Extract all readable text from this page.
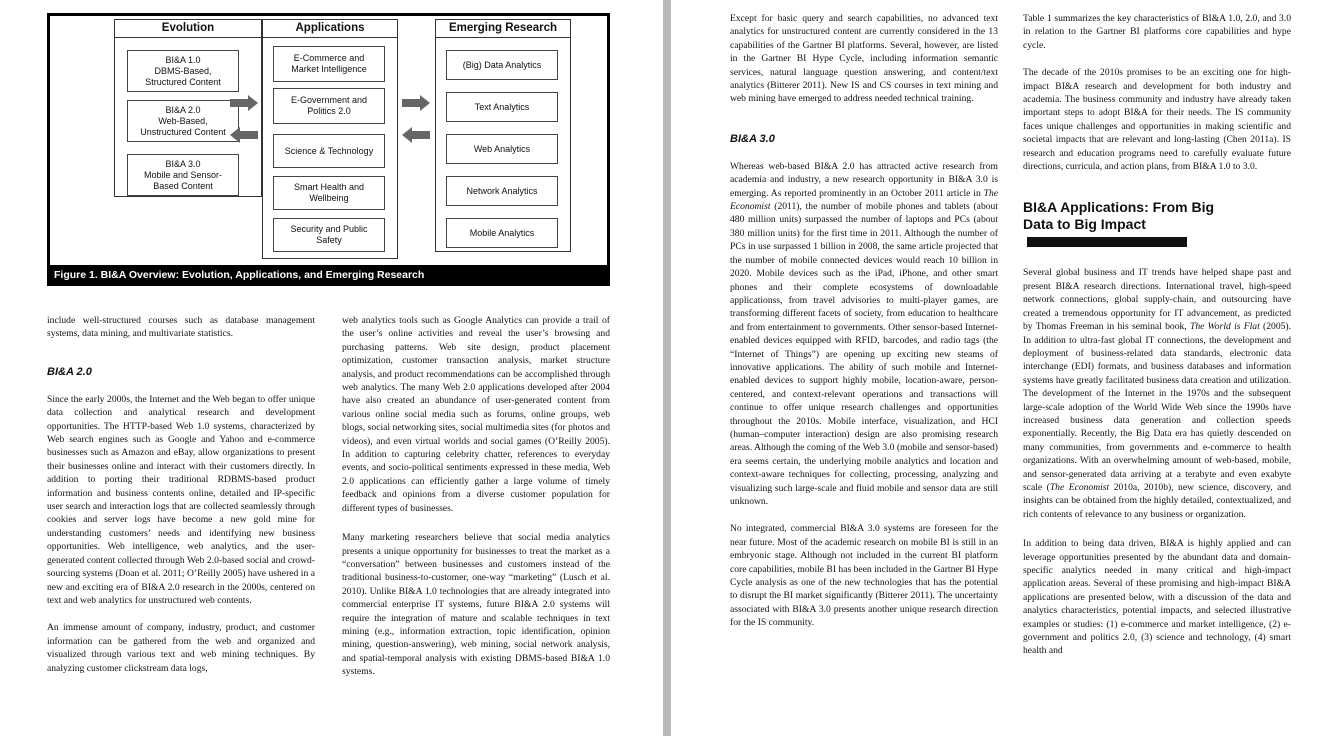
Evolution
BI&A 1.0
DBMS-Based,
Structured Content
BI&A 2.0
Web-Based,
Unstructured Content
BI&A 3.0
Mobile and Sensor-
Based Content
Applications
E-Commerce and
Market Intelligence
E-Government and
Politics 2.0
Science & Technology
Smart Health and
Wellbeing
Security and Public
Safety
Emerging Research
(Big) Data Analytics
Text Analytics
Web Analytics
Network Analytics
Mobile Analytics
Figure 1. BI&A Overview: Evolution, Applications, and Emerging Research

include well-structured courses such as database management systems, data mining, and multivariate statistics.

BI&A 2.0

Since the early 2000s, the Internet and the Web began to offer unique data collection and analytical research and development opportunities. The HTTP-based Web 1.0 systems, characterized by Web search engines such as Google and Yahoo and e-commerce businesses such as Amazon and eBay, allow organizations to present their businesses online and interact with their customers directly. In addition to porting their traditional RDBMS-based product information and business contents online, detailed and IP-specific user search and interaction logs that are collected seamlessly through cookies and server logs have become a new gold mine for understanding customers’ needs and identifying new business opportunities. Web intelligence, web analytics, and the user-generated content collected through Web 2.0-based social and crowd-sourcing systems (Doan et al. 2011; O’Reilly 2005) have ushered in a new and exciting era of BI&A 2.0 research in the 2000s, centered on text and web analytics for unstructured web contents.

An immense amount of company, industry, product, and customer information can be gathered from the web and organized and visualized through various text and web mining techniques. By analyzing customer clickstream data logs,

web analytics tools such as Google Analytics can provide a trail of the user’s online activities and reveal the user’s browsing and purchasing patterns. Web site design, product placement optimization, customer transaction analysis, market structure analysis, and product recommendations can be accomplished through web analytics. The many Web 2.0 applications developed after 2004 have also created an abundance of user-generated content from various online social media such as forums, online groups, web blogs, social networking sites, social multimedia sites (for photos and videos), and even virtual worlds and social games (O’Reilly 2005). In addition to capturing celebrity chatter, references to everyday events, and socio-political sentiments expressed in these media, Web 2.0 applications can efficiently gather a large volume of timely feedback and opinions from a diverse customer population for different types of businesses.

Many marketing researchers believe that social media analytics presents a unique opportunity for businesses to treat the market as a “conversation” between businesses and customers instead of the traditional business-to-customer, one-way “marketing” (Lusch et al. 2010). Unlike BI&A 1.0 technologies that are already integrated into commercial enterprise IT systems, future BI&A 2.0 systems will require the integration of mature and scalable techniques in text mining (e.g., information extraction, topic identification, opinion mining, question-answering), web mining, social network analysis, and spatial-temporal analysis with existing DBMS-based BI&A 1.0 systems.

Except for basic query and search capabilities, no advanced text analytics for unstructured content are currently considered in the 13 capabilities of the Gartner BI platforms. Several, however, are listed in the Gartner BI Hype Cycle, including information semantic services, natural language question answering, and content/text analytics (Bitterer 2011). New IS and CS courses in text mining and web mining have emerged to address needed technical training.

BI&A 3.0

Whereas web-based BI&A 2.0 has attracted active research from academia and industry, a new research opportunity in BI&A 3.0 is emerging. As reported prominently in an October 2011 article in The Economist (2011), the number of mobile phones and tablets (about 480 million units) surpassed the number of laptops and PCs (about 380 million units) for the first time in 2011. Although the number of PCs in use surpassed 1 billion in 2008, the same article projected that the number of mobile connected devices would reach 10 billion in 2020. Mobile devices such as the iPad, iPhone, and other smart phones and their complete ecosystems of downloadable applicationss, from travel advisories to multi-player games, are transforming different facets of society, from education to healthcare and from entertainment to governments. Other sensor-based Internet-enabled devices equipped with RFID, barcodes, and radio tags (the “Internet of Things”) are opening up exciting new steams of innovative applications. The ability of such mobile and Internet-enabled devices to support highly mobile, location-aware, person-centered, and context-relevant operations and transactions will continue to offer unique research challenges and opportunities throughout the 2010s. Mobile interface, visualization, and HCI (human–computer interaction) design are also promising research areas. Although the coming of the Web 3.0 (mobile and sensor-based) era seems certain, the underlying mobile analytics and location and context-aware techniques for collecting, processing, analyzing and visualizing such large-scale and fluid mobile and sensor data are still unknown.

No integrated, commercial BI&A 3.0 systems are foreseen for the near future. Most of the academic research on mobile BI is still in an embryonic stage. Although not included in the current BI platform core capabilities, mobile BI has been included in the Gartner BI Hype Cycle analysis as one of the new technologies that has the potential to disrupt the BI market significantly (Bitterer 2011). The uncertainty associated with BI&A 3.0 presents another unique research direction for the IS community.

Table 1 summarizes the key characteristics of BI&A 1.0, 2.0, and 3.0 in relation to the Gartner BI platforms core capabilities and hype cycle.

The decade of the 2010s promises to be an exciting one for high-impact BI&A research and development for both industry and academia. The business community and industry have already taken important steps to adopt BI&A for their needs. The IS community faces unique challenges and opportunities in making scientific and societal impacts that are relevant and long-lasting (Chen 2011a). IS research and education programs need to carefully evaluate future directions, curricula, and action plans, from BI&A 1.0 to 3.0.

BI&A Applications: From Big
Data to Big Impact

Several global business and IT trends have helped shape past and present BI&A research directions. International travel, high-speed network connections, global supply-chain, and outsourcing have created a tremendous opportunity for IT advancement, as predicted by Thomas Freeman in his seminal book, The World is Flat (2005). In addition to ultra-fast global IT connections, the development and deployment of business-related data standards, electronic data interchange (EDI) formats, and business databases and information systems have greatly facilitated business data creation and utilization. The development of the Internet in the 1970s and the subsequent large-scale adoption of the World Wide Web since the 1990s have increased business data generation and collection speeds exponentially. Recently, the Big Data era has quietly descended on many communities, from governments and e-commerce to health organizations. With an overwhelming amount of web-based, mobile, and sensor-generated data arriving at a terabyte and even exabyte scale (The Economist 2010a, 2010b), new science, discovery, and insights can be obtained from the highly detailed, contextualized, and rich contents of relevance to any business or organization.

In addition to being data driven, BI&A is highly applied and can leverage opportunities presented by the abundant data and domain-specific analytics needed in many critical and high-impact application areas. Several of these promising and high-impact BI&A applications are presented below, with a discussion of the data and analytics characteristics, potential impacts, and selected illustrative examples or studies: (1) e-commerce and market intelligence, (2) e-government and politics 2.0, (3) science and technology, (4) smart health and
